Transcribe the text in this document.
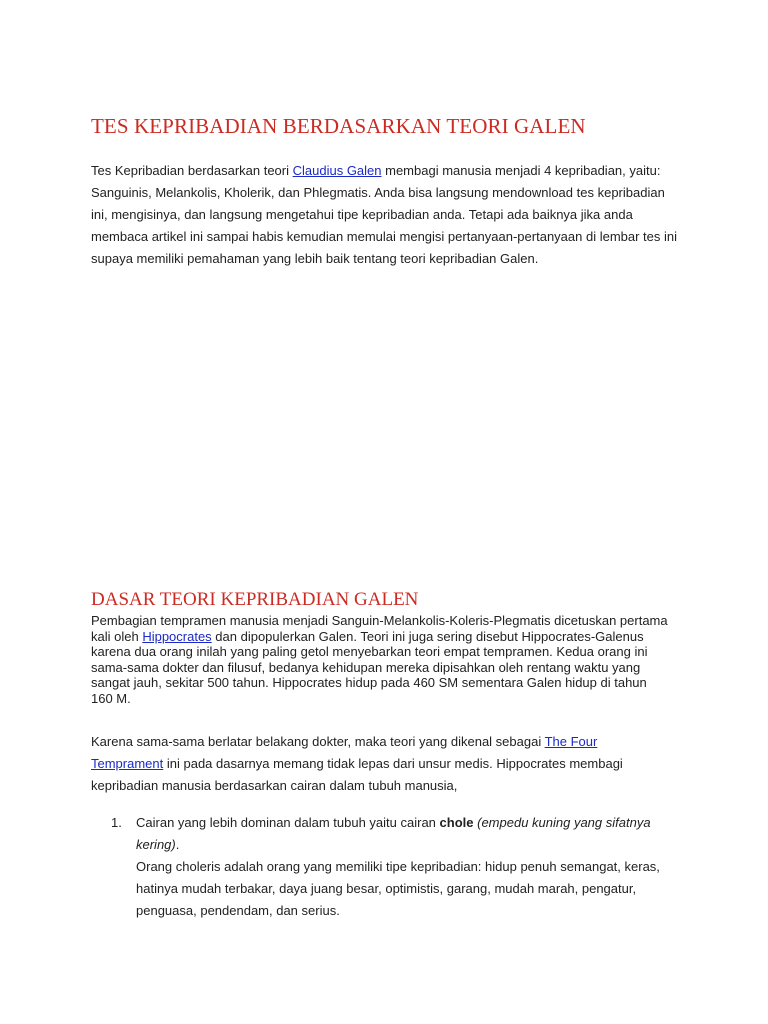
TES KEPRIBADIAN BERDASARKAN TEORI GALEN

Tes Kepribadian berdasarkan teori Claudius Galen membagi manusia menjadi 4 kepribadian, yaitu: Sanguinis, Melankolis, Kholerik, dan Phlegmatis. Anda bisa langsung mendownload tes kepribadian ini, mengisinya, dan langsung mengetahui tipe kepribadian anda. Tetapi ada baiknya jika anda membaca artikel ini sampai habis kemudian memulai mengisi pertanyaan-pertanyaan di lembar tes ini supaya memiliki pemahaman yang lebih baik tentang teori kepribadian Galen.

DASAR TEORI KEPRIBADIAN GALEN

Pembagian tempramen manusia menjadi Sanguin-Melankolis-Koleris-Plegmatis dicetuskan pertama
kali oleh Hippocrates dan dipopulerkan Galen. Teori ini juga sering disebut Hippocrates-Galenus
karena dua orang inilah yang paling getol menyebarkan teori empat tempramen. Kedua orang ini
sama-sama dokter dan filusuf, bedanya kehidupan mereka dipisahkan oleh rentang waktu yang
sangat jauh, sekitar 500 tahun. Hippocrates hidup pada 460 SM sementara Galen hidup di tahun
160 M.

Karena sama-sama berlatar belakang dokter, maka teori yang dikenal sebagai The Four Temprament ini pada dasarnya memang tidak lepas dari unsur medis. Hippocrates membagi kepribadian manusia berdasarkan cairan dalam tubuh manusia,

1. Cairan yang lebih dominan dalam tubuh yaitu cairan chole (empedu kuning yang sifatnya kering).
Orang choleris adalah orang yang memiliki tipe kepribadian: hidup penuh semangat, keras, hatinya mudah terbakar, daya juang besar, optimistis, garang, mudah marah, pengatur, penguasa, pendendam, dan serius.
